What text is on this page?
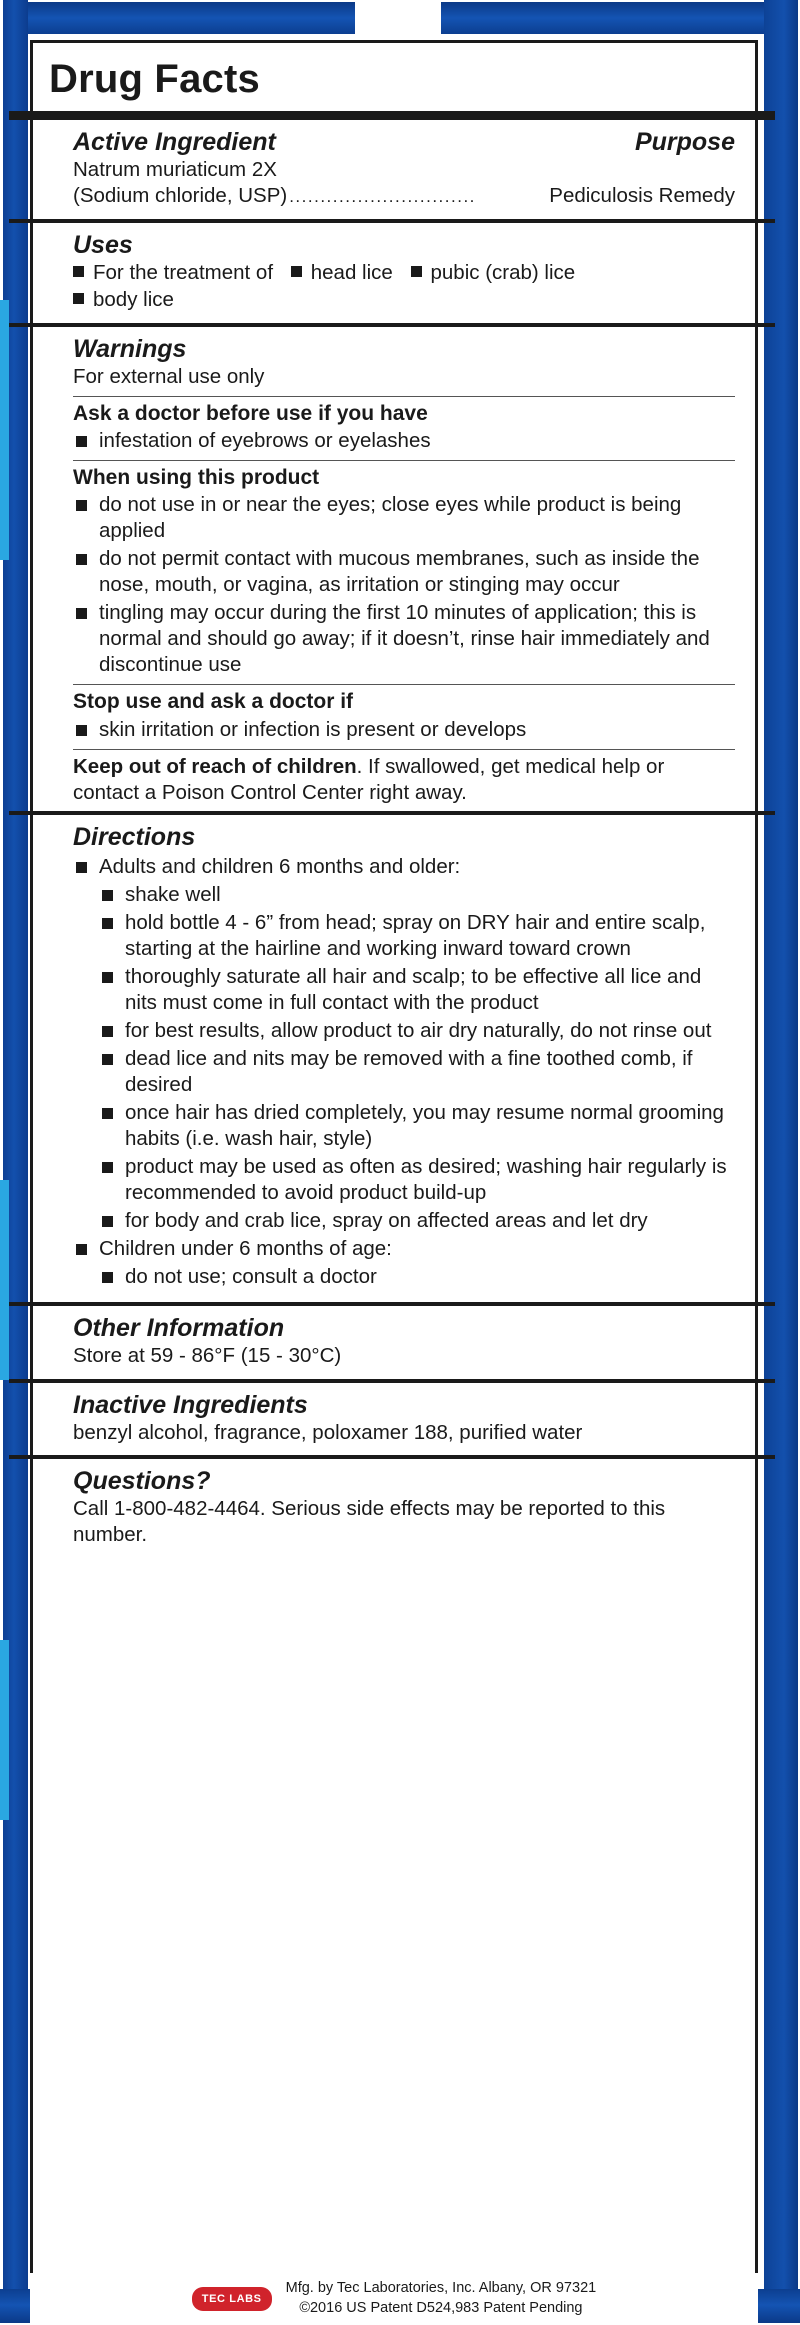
Drug Facts
Active Ingredient	Purpose
Natrum muriaticum 2X
(Sodium chloride, USP) ..............................	Pediculosis Remedy
Uses
For the treatment of head lice pubic (crab) lice
body lice
Warnings
For external use only
Ask a doctor before use if you have
infestation of eyebrows or eyelashes
When using this product
do not use in or near the eyes; close eyes while product is being applied
do not permit contact with mucous membranes, such as inside the nose, mouth, or vagina, as irritation or stinging may occur
tingling may occur during the first 10 minutes of application; this is normal and should go away; if it doesn’t, rinse hair immediately and discontinue use
Stop use and ask a doctor if
skin irritation or infection is present or develops
Keep out of reach of children. If swallowed, get medical help or contact a Poison Control Center right away.
Directions
Adults and children 6 months and older:
shake well
hold bottle 4 - 6” from head; spray on DRY hair and entire scalp, starting at the hairline and working inward toward crown
thoroughly saturate all hair and scalp; to be effective all lice and nits must come in full contact with the product
for best results, allow product to air dry naturally, do not rinse out
dead lice and nits may be removed with a fine toothed comb, if desired
once hair has dried completely, you may resume normal grooming habits (i.e. wash hair, style)
product may be used as often as desired; washing hair regularly is recommended to avoid product build-up
for body and crab lice, spray on affected areas and let dry
Children under 6 months of age:
do not use; consult a doctor
Other Information
Store at 59 - 86°F (15 - 30°C)
Inactive Ingredients
benzyl alcohol, fragrance, poloxamer 188, purified water
Questions?
Call 1-800-482-4464. Serious side effects may be reported to this number.
TEC LABS
Mfg. by Tec Laboratories, Inc. Albany, OR 97321
©2016 US Patent D524,983 Patent Pending
